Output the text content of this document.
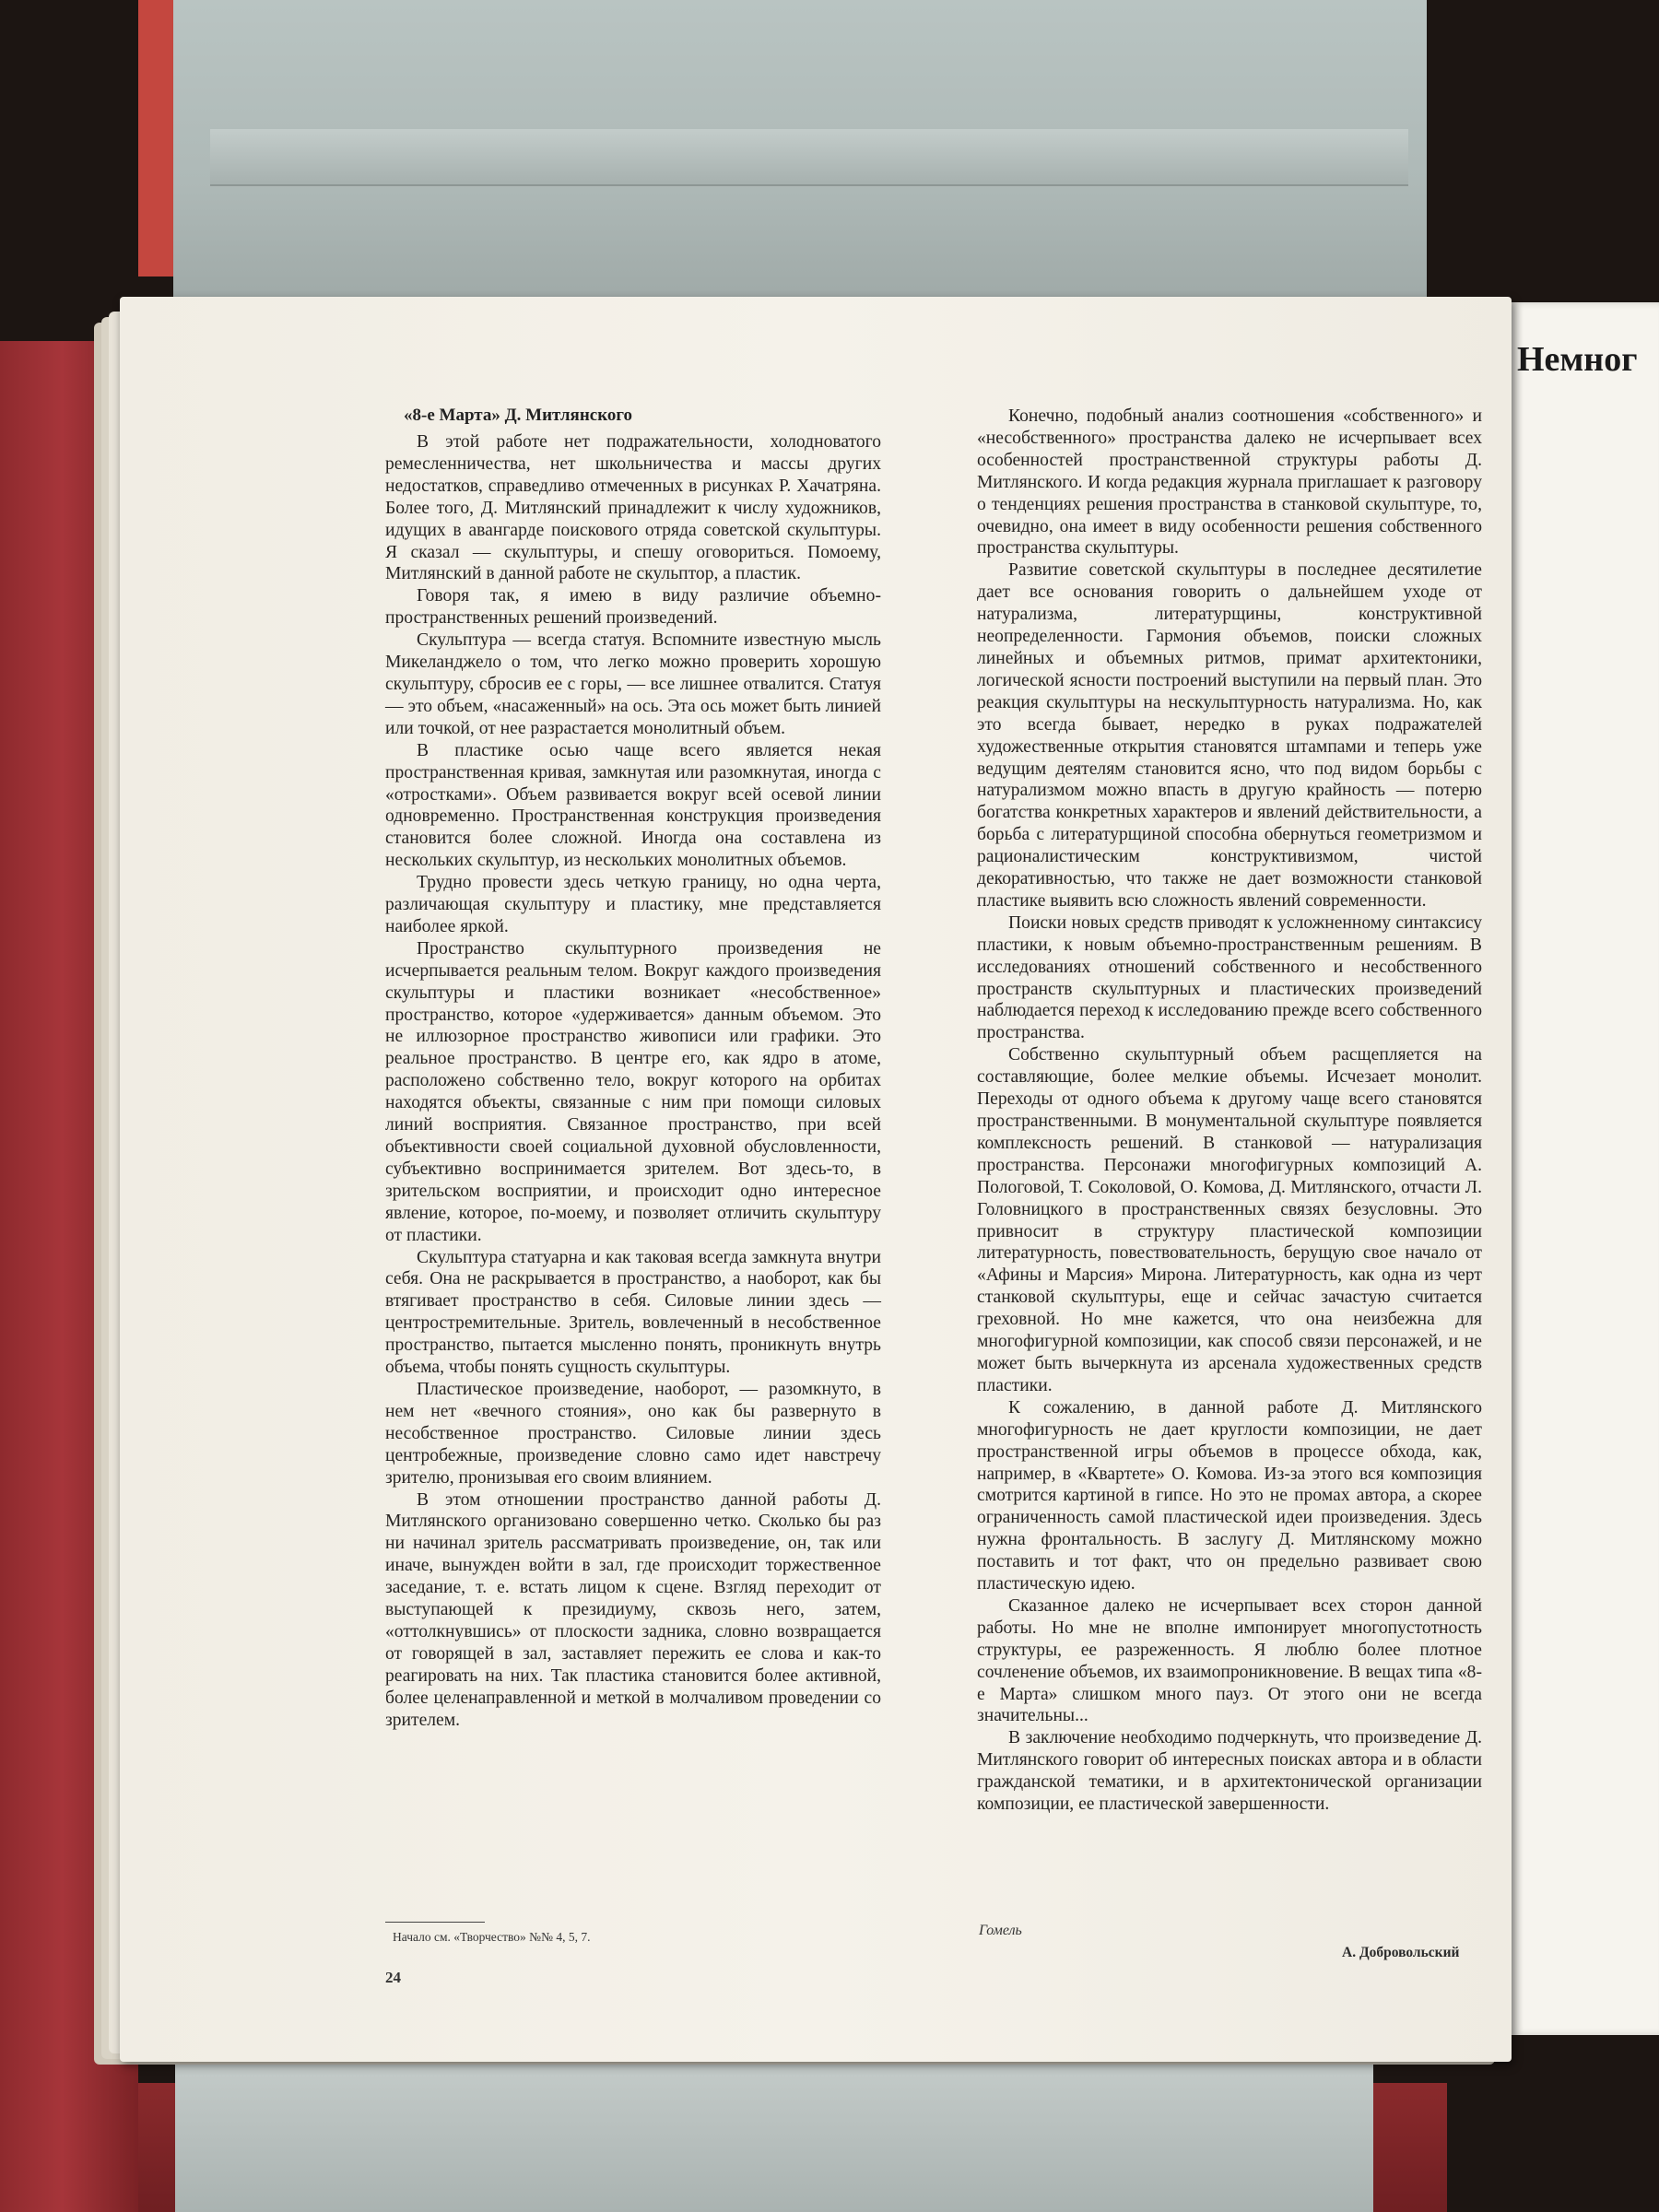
Немног
«8-е Марта» Д. Митлянского

В этой работе нет подражательности, холодноватого ремесленничества, нет школьничества и массы других недостатков, справедливо отмеченных в рисунках Р. Хачатряна. Более того, Д. Митлянский принадлежит к числу художников, идущих в авангарде поискового отряда советской скульптуры. Я сказал — скульптуры, и спешу оговориться. Помоему, Митлянский в данной работе не скульптор, а пластик.

Говоря так, я имею в виду различие объемно-пространственных решений произведений.

Скульптура — всегда статуя. Вспомните известную мысль Микеланджело о том, что легко можно проверить хорошую скульптуру, сбросив ее с горы, — все лишнее отвалится. Статуя — это объем, «насаженный» на ось. Эта ось может быть линией или точкой, от нее разрастается монолитный объем.

В пластике осью чаще всего является некая пространственная кривая, замкнутая или разомкнутая, иногда с «отростками». Объем развивается вокруг всей осевой линии одновременно. Пространственная конструкция произведения становится более сложной. Иногда она составлена из нескольких скульптур, из нескольких монолитных объемов.

Трудно провести здесь четкую границу, но одна черта, различающая скульптуру и пластику, мне представляется наиболее яркой.

Пространство скульптурного произведения не исчерпывается реальным телом. Вокруг каждого произведения скульптуры и пластики возникает «несобственное» пространство, которое «удерживается» данным объемом. Это не иллюзорное пространство живописи или графики. Это реальное пространство. В центре его, как ядро в атоме, расположено собственно тело, вокруг которого на орбитах находятся объекты, связанные с ним при помощи силовых линий восприятия. Связанное пространство, при всей объективности своей социальной духовной обусловленности, субъективно воспринимается зрителем. Вот здесь-то, в зрительском восприятии, и происходит одно интересное явление, которое, по-моему, и позволяет отличить скульптуру от пластики.

Скульптура статуарна и как таковая всегда замкнута внутри себя. Она не раскрывается в пространство, а наоборот, как бы втягивает пространство в себя. Силовые линии здесь — центростремительные. Зритель, вовлеченный в несобственное пространство, пытается мысленно понять, проникнуть внутрь объема, чтобы понять сущность скульптуры.

Пластическое произведение, наоборот, — разомкнуто, в нем нет «вечного стояния», оно как бы развернуто в несобственное пространство. Силовые линии здесь центробежные, произведение словно само идет навстречу зрителю, пронизывая его своим влиянием.

В этом отношении пространство данной работы Д. Митлянского организовано совершенно четко. Сколько бы раз ни начинал зритель рассматривать произведение, он, так или иначе, вынужден войти в зал, где происходит торжественное заседание, т. е. встать лицом к сцене. Взгляд переходит от выступающей к президиуму, сквозь него, затем, «оттолкнувшись» от плоскости задника, словно возвращается от говорящей в зал, заставляет пережить ее слова и как-то реагировать на них. Так пластика становится более активной, более целенаправленной и меткой в молчаливом проведении со зрителем.

Конечно, подобный анализ соотношения «собственного» и «несобственного» пространства далеко не исчерпывает всех особенностей пространственной структуры работы Д. Митлянского. И когда редакция журнала приглашает к разговору о тенденциях решения пространства в станковой скульптуре, то, очевидно, она имеет в виду особенности решения собственного пространства скульптуры.

Развитие советской скульптуры в последнее десятилетие дает все основания говорить о дальнейшем уходе от натурализма, литературщины, конструктивной неопределенности. Гармония объемов, поиски сложных линейных и объемных ритмов, примат архитектоники, логической ясности построений выступили на первый план. Это реакция скульптуры на нескульптурность натурализма. Но, как это всегда бывает, нередко в руках подражателей художественные открытия становятся штампами и теперь уже ведущим деятелям становится ясно, что под видом борьбы с натурализмом можно впасть в другую крайность — потерю богатства конкретных характеров и явлений действительности, а борьба с литературщиной способна обернуться геометризмом и рационалистическим конструктивизмом, чистой декоративностью, что также не дает возможности станковой пластике выявить всю сложность явлений современности.

Поиски новых средств приводят к усложненному синтаксису пластики, к новым объемно-пространственным решениям. В исследованиях отношений собственного и несобственного пространств скульптурных и пластических произведений наблюдается переход к исследованию прежде всего собственного пространства.

Собственно скульптурный объем расщепляется на составляющие, более мелкие объемы. Исчезает монолит. Переходы от одного объема к другому чаще всего становятся пространственными. В монументальной скульптуре появляется комплексность решений. В станковой — натурализация пространства. Персонажи многофигурных композиций А. Пологовой, Т. Соколовой, О. Комова, Д. Митлянского, отчасти Л. Головницкого в пространственных связях безусловны. Это привносит в структуру пластической композиции литературность, повествовательность, берущую свое начало от «Афины и Марсия» Мирона. Литературность, как одна из черт станковой скульптуры, еще и сейчас зачастую считается греховной. Но мне кажется, что она неизбежна для многофигурной композиции, как способ связи персонажей, и не может быть вычеркнута из арсенала художественных средств пластики.

К сожалению, в данной работе Д. Митлянского многофигурность не дает круглости композиции, не дает пространственной игры объемов в процессе обхода, как, например, в «Квартете» О. Комова. Из-за этого вся композиция смотрится картиной в гипсе. Но это не промах автора, а скорее ограниченность самой пластической идеи произведения. Здесь нужна фронтальность. В заслугу Д. Митлянскому можно поставить и тот факт, что он предельно развивает свою пластическую идею.

Сказанное далеко не исчерпывает всех сторон данной работы. Но мне не вполне импонирует многопустотность структуры, ее разреженность. Я люблю более плотное сочленение объемов, их взаимопроникновение. В вещах типа «8-е Марта» слишком много пауз. От этого они не всегда значительны...

В заключение необходимо подчеркнуть, что произведение Д. Митлянского говорит об интересных поисках автора и в области гражданской тематики, и в архитектонической организации композиции, ее пластической завершенности.

Начало см. «Творчество» №№ 4, 5, 7.
24
Гомель
А. Добровольский
